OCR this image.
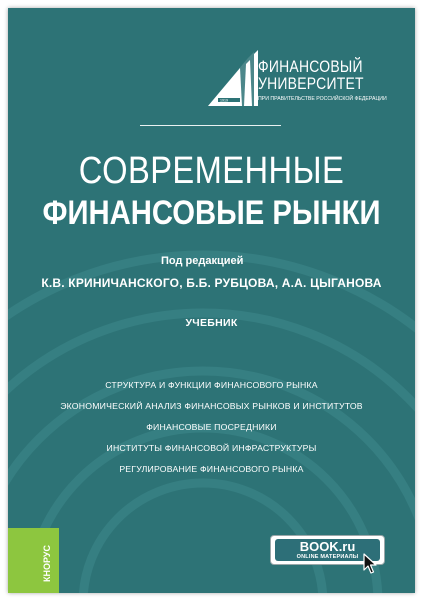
1919
ФИНАНСОВЫЙ
УНИВЕРСИТЕТ
ПРИ ПРАВИТЕЛЬСТВЕ РОССИЙСКОЙ ФЕДЕРАЦИИ
СОВРЕМЕННЫЕ
ФИНАНСОВЫЕ РЫНКИ
Под редакцией
К.В. КРИНИЧАНСКОГО, Б.Б. РУБЦОВА, А.А. ЦЫГАНОВА
УЧЕБНИК
СТРУКТУРА И ФУНКЦИИ ФИНАНСОВОГО РЫНКА
ЭКОНОМИЧЕСКИЙ АНАЛИЗ ФИНАНСОВЫХ РЫНКОВ И ИНСТИТУТОВ
ФИНАНСОВЫЕ ПОСРЕДНИКИ
ИНСТИТУТЫ ФИНАНСОВОЙ ИНФРАСТРУКТУРЫ
РЕГУЛИРОВАНИЕ ФИНАНСОВОГО РЫНКА
КНОРУС	BOOK.ru
ONLINE МАТЕРИАЛЫ
